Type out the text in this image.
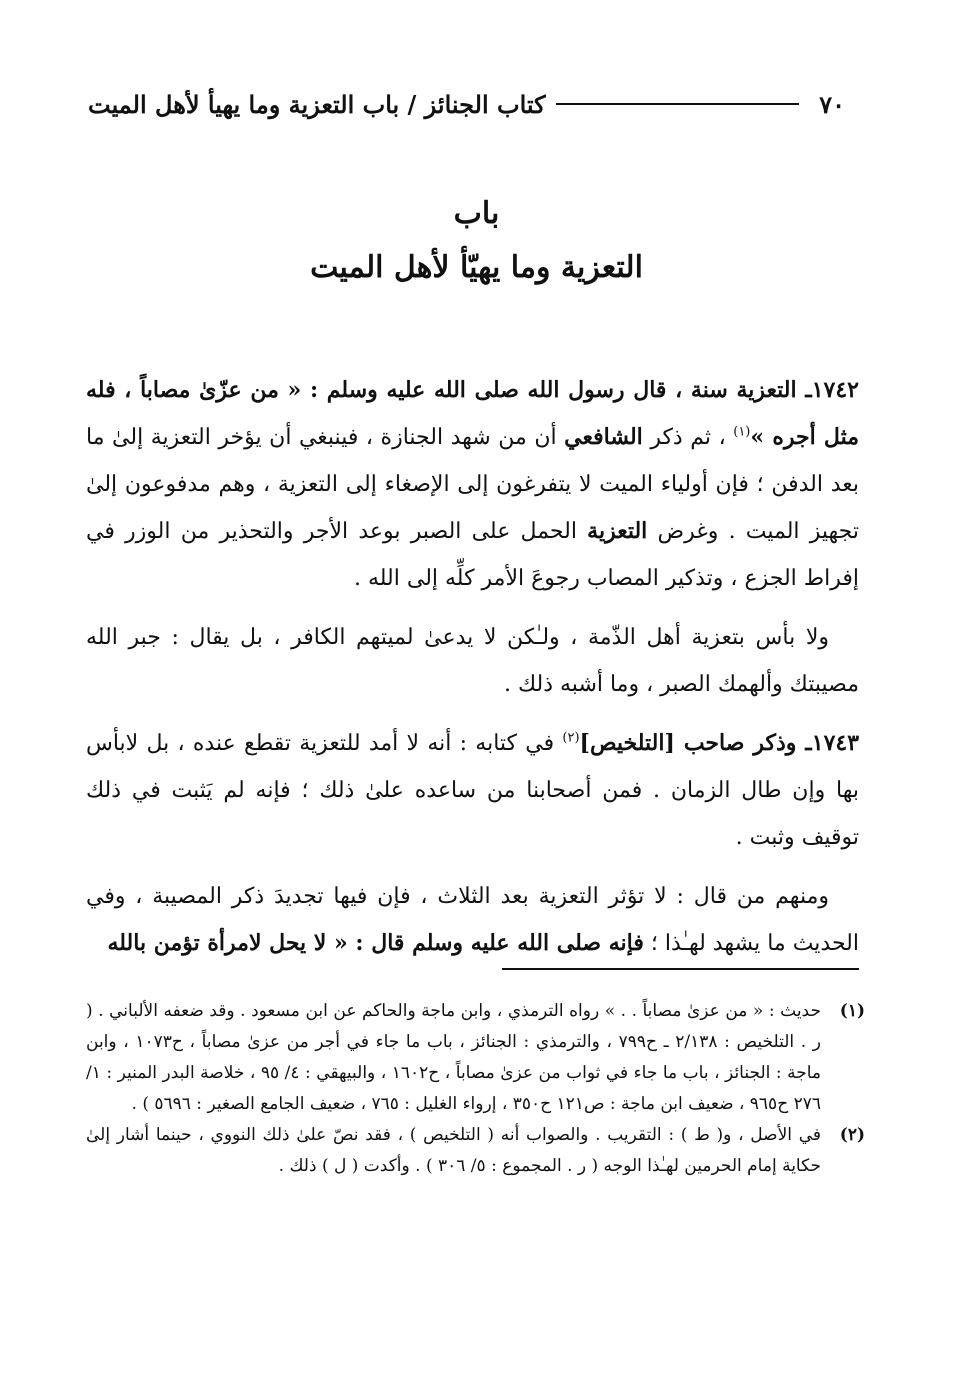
٧٠
كتاب الجنائز / باب التعزية وما يهيأ لأهل الميت
باب
التعزية وما يهيّأ لأهل الميت

١٧٤٢ـ التعزية سنة ، قال رسول الله صلى الله عليه وسلم : « من عزّىٰ مصاباً ، فله مثل أجره »$^{(١)}$ ، ثم ذكر الشافعي أن من شهد الجنازة ، فينبغي أن يؤخر التعزية إلىٰ ما بعد الدفن ؛ فإن أولياء الميت لا يتفرغون إلى الإصغاء إلى التعزية ، وهم مدفوعون إلىٰ تجهيز الميت . وغرض التعزية الحمل على الصبر بوعد الأجر والتحذير من الوزر في إفراط الجزع ، وتذكير المصاب رجوعَ الأمر كلِّه إلى الله .

ولا بأس بتعزية أهل الذّمة ، ولـٰكن لا يدعىٰ لميتهم الكافر ، بل يقال : جبر الله مصيبتك وألهمك الصبر ، وما أشبه ذلك .

١٧٤٣ـ وذكر صاحب [التلخيص]$^{(٢)}$ في كتابه : أنه لا أمد للتعزية تقطع عنده ، بل لابأس بها وإن طال الزمان . فمن أصحابنا من ساعده علىٰ ذلك ؛ فإنه لم يَثبت في ذلك توقيف وثبت .

ومنهم من قال : لا تؤثر التعزية بعد الثلاث ، فإن فيها تجديدَ ذكر المصيبة ، وفي الحديث ما يشهد لهـٰذا ؛ فإنه صلى الله عليه وسلم قال : « لا يحل لامرأة تؤمن بالله

(١)
حديث : « من عزىٰ مصاباً . . » رواه الترمذي ، وابن ماجة والحاكم عن ابن مسعود . وقد ضعفه الألباني . ( ر . التلخيص : ٢/١٣٨ ـ ح٧٩٩ ، والترمذي : الجنائز ، باب ما جاء في أجر من عزىٰ مصاباً ، ح١٠٧٣ ، وابن ماجة : الجنائز ، باب ما جاء في ثواب من عزىٰ مصاباً ، ح١٦٠٢ ، والبيهقي : ٤/ ٩٥ ، خلاصة البدر المنير : ١/ ٢٧٦ ح٩٦٥ ، ضعيف ابن ماجة : ص١٢١ ح٣٥٠ ، إرواء الغليل : ٧٦٥ ، ضعيف الجامع الصغير : ٥٦٩٦ ) .
(٢)
في الأصل ، و( ط ) : التقريب . والصواب أنه ( التلخيص ) ، فقد نصّ علىٰ ذلك النووي ، حينما أشار إلىٰ حكاية إمام الحرمين لهـٰذا الوجه ( ر . المجموع : ٥/ ٣٠٦ ) . وأكدت ( ل ) ذلك .
